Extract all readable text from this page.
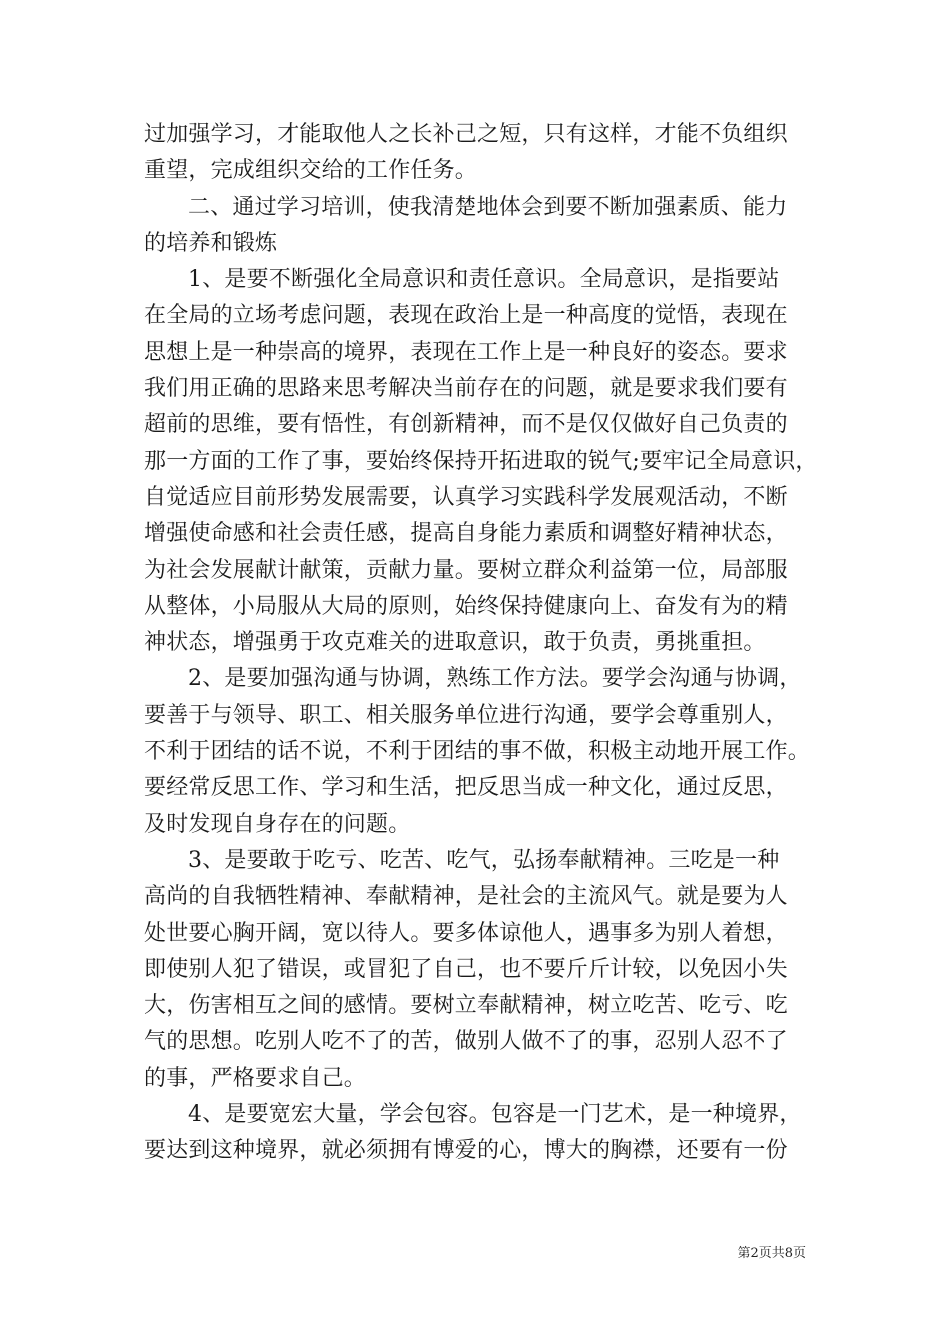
过加强学习，才能取他人之长补己之短，只有这样，才能不负组织
重望，完成组织交给的工作任务。
二、通过学习培训，使我清楚地体会到要不断加强素质、能力
的培养和锻炼
1、是要不断强化全局意识和责任意识。全局意识，是指要站
在全局的立场考虑问题，表现在政治上是一种高度的觉悟，表现在
思想上是一种崇高的境界，表现在工作上是一种良好的姿态。要求
我们用正确的思路来思考解决当前存在的问题，就是要求我们要有
超前的思维，要有悟性，有创新精神，而不是仅仅做好自己负责的
那一方面的工作了事，要始终保持开拓进取的锐气;要牢记全局意识，
自觉适应目前形势发展需要，认真学习实践科学发展观活动，不断
增强使命感和社会责任感，提高自身能力素质和调整好精神状态，
为社会发展献计献策，贡献力量。要树立群众利益第一位，局部服
从整体，小局服从大局的原则，始终保持健康向上、奋发有为的精
神状态，增强勇于攻克难关的进取意识，敢于负责，勇挑重担。
2、是要加强沟通与协调，熟练工作方法。要学会沟通与协调，
要善于与领导、职工、相关服务单位进行沟通，要学会尊重别人，
不利于团结的话不说，不利于团结的事不做，积极主动地开展工作。
要经常反思工作、学习和生活，把反思当成一种文化，通过反思，
及时发现自身存在的问题。
3、是要敢于吃亏、吃苦、吃气，弘扬奉献精神。三吃是一种
高尚的自我牺牲精神、奉献精神，是社会的主流风气。就是要为人
处世要心胸开阔，宽以待人。要多体谅他人，遇事多为别人着想，
即使别人犯了错误，或冒犯了自己，也不要斤斤计较，以免因小失
大，伤害相互之间的感情。要树立奉献精神，树立吃苦、吃亏、吃
气的思想。吃别人吃不了的苦，做别人做不了的事，忍别人忍不了
的事，严格要求自己。
4、是要宽宏大量，学会包容。包容是一门艺术，是一种境界，
要达到这种境界，就必须拥有博爱的心，博大的胸襟，还要有一份
第2页共8页
